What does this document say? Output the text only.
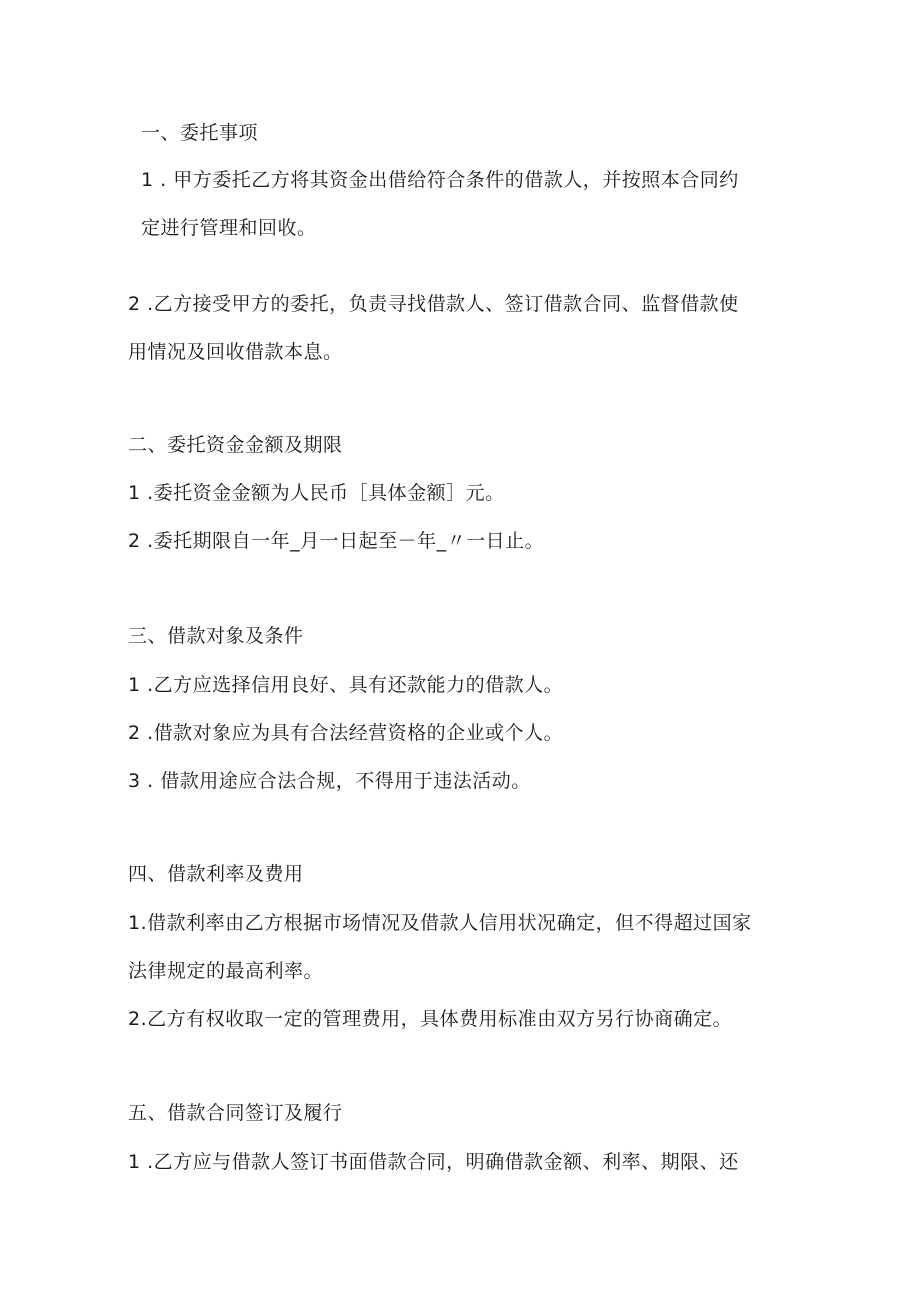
一、委托事项
1 . 甲方委托乙方将其资金出借给符合条件的借款人，并按照本合同约
定进行管理和回收。
2 .乙方接受甲方的委托，负责寻找借款人、签订借款合同、监督借款使
用情况及回收借款本息。
二、委托资金金额及期限
1 .委托资金金额为人民币［具体金额］元。
2 .委托期限自一年_月一日起至－年_〃一日止。
三、借款对象及条件
1 .乙方应选择信用良好、具有还款能力的借款人。
2 .借款对象应为具有合法经营资格的企业或个人。
3 . 借款用途应合法合规，不得用于违法活动。
四、借款利率及费用
1.借款利率由乙方根据市场情况及借款人信用状况确定，但不得超过国家
法律规定的最高利率。
2.乙方有权收取一定的管理费用，具体费用标准由双方另行协商确定。
五、借款合同签订及履行
1 .乙方应与借款人签订书面借款合同，明确借款金额、利率、期限、还
